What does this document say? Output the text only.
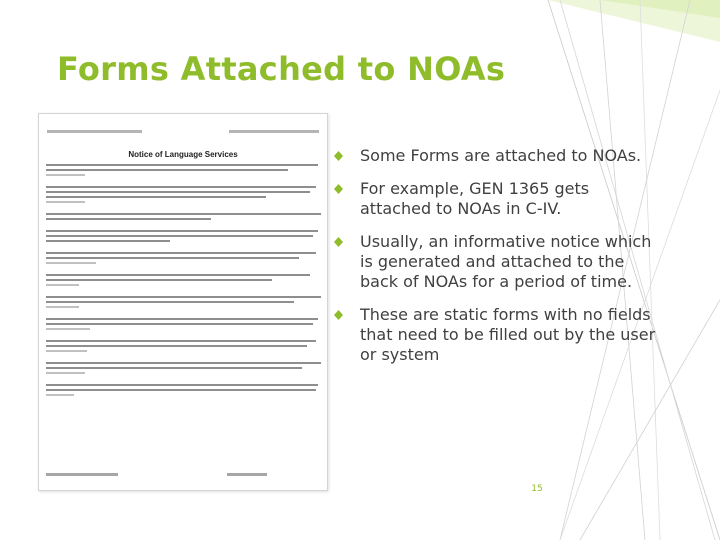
Forms Attached to NOAs
Notice of Language Services	Some Forms are attached to NOAs.
For example, GEN 1365 gets attached to NOAs in C-IV.
Usually, an informative notice which is generated and attached to the back of NOAs for a period of time.
These are static forms with no fields that need to be filled out by the user or system
15
